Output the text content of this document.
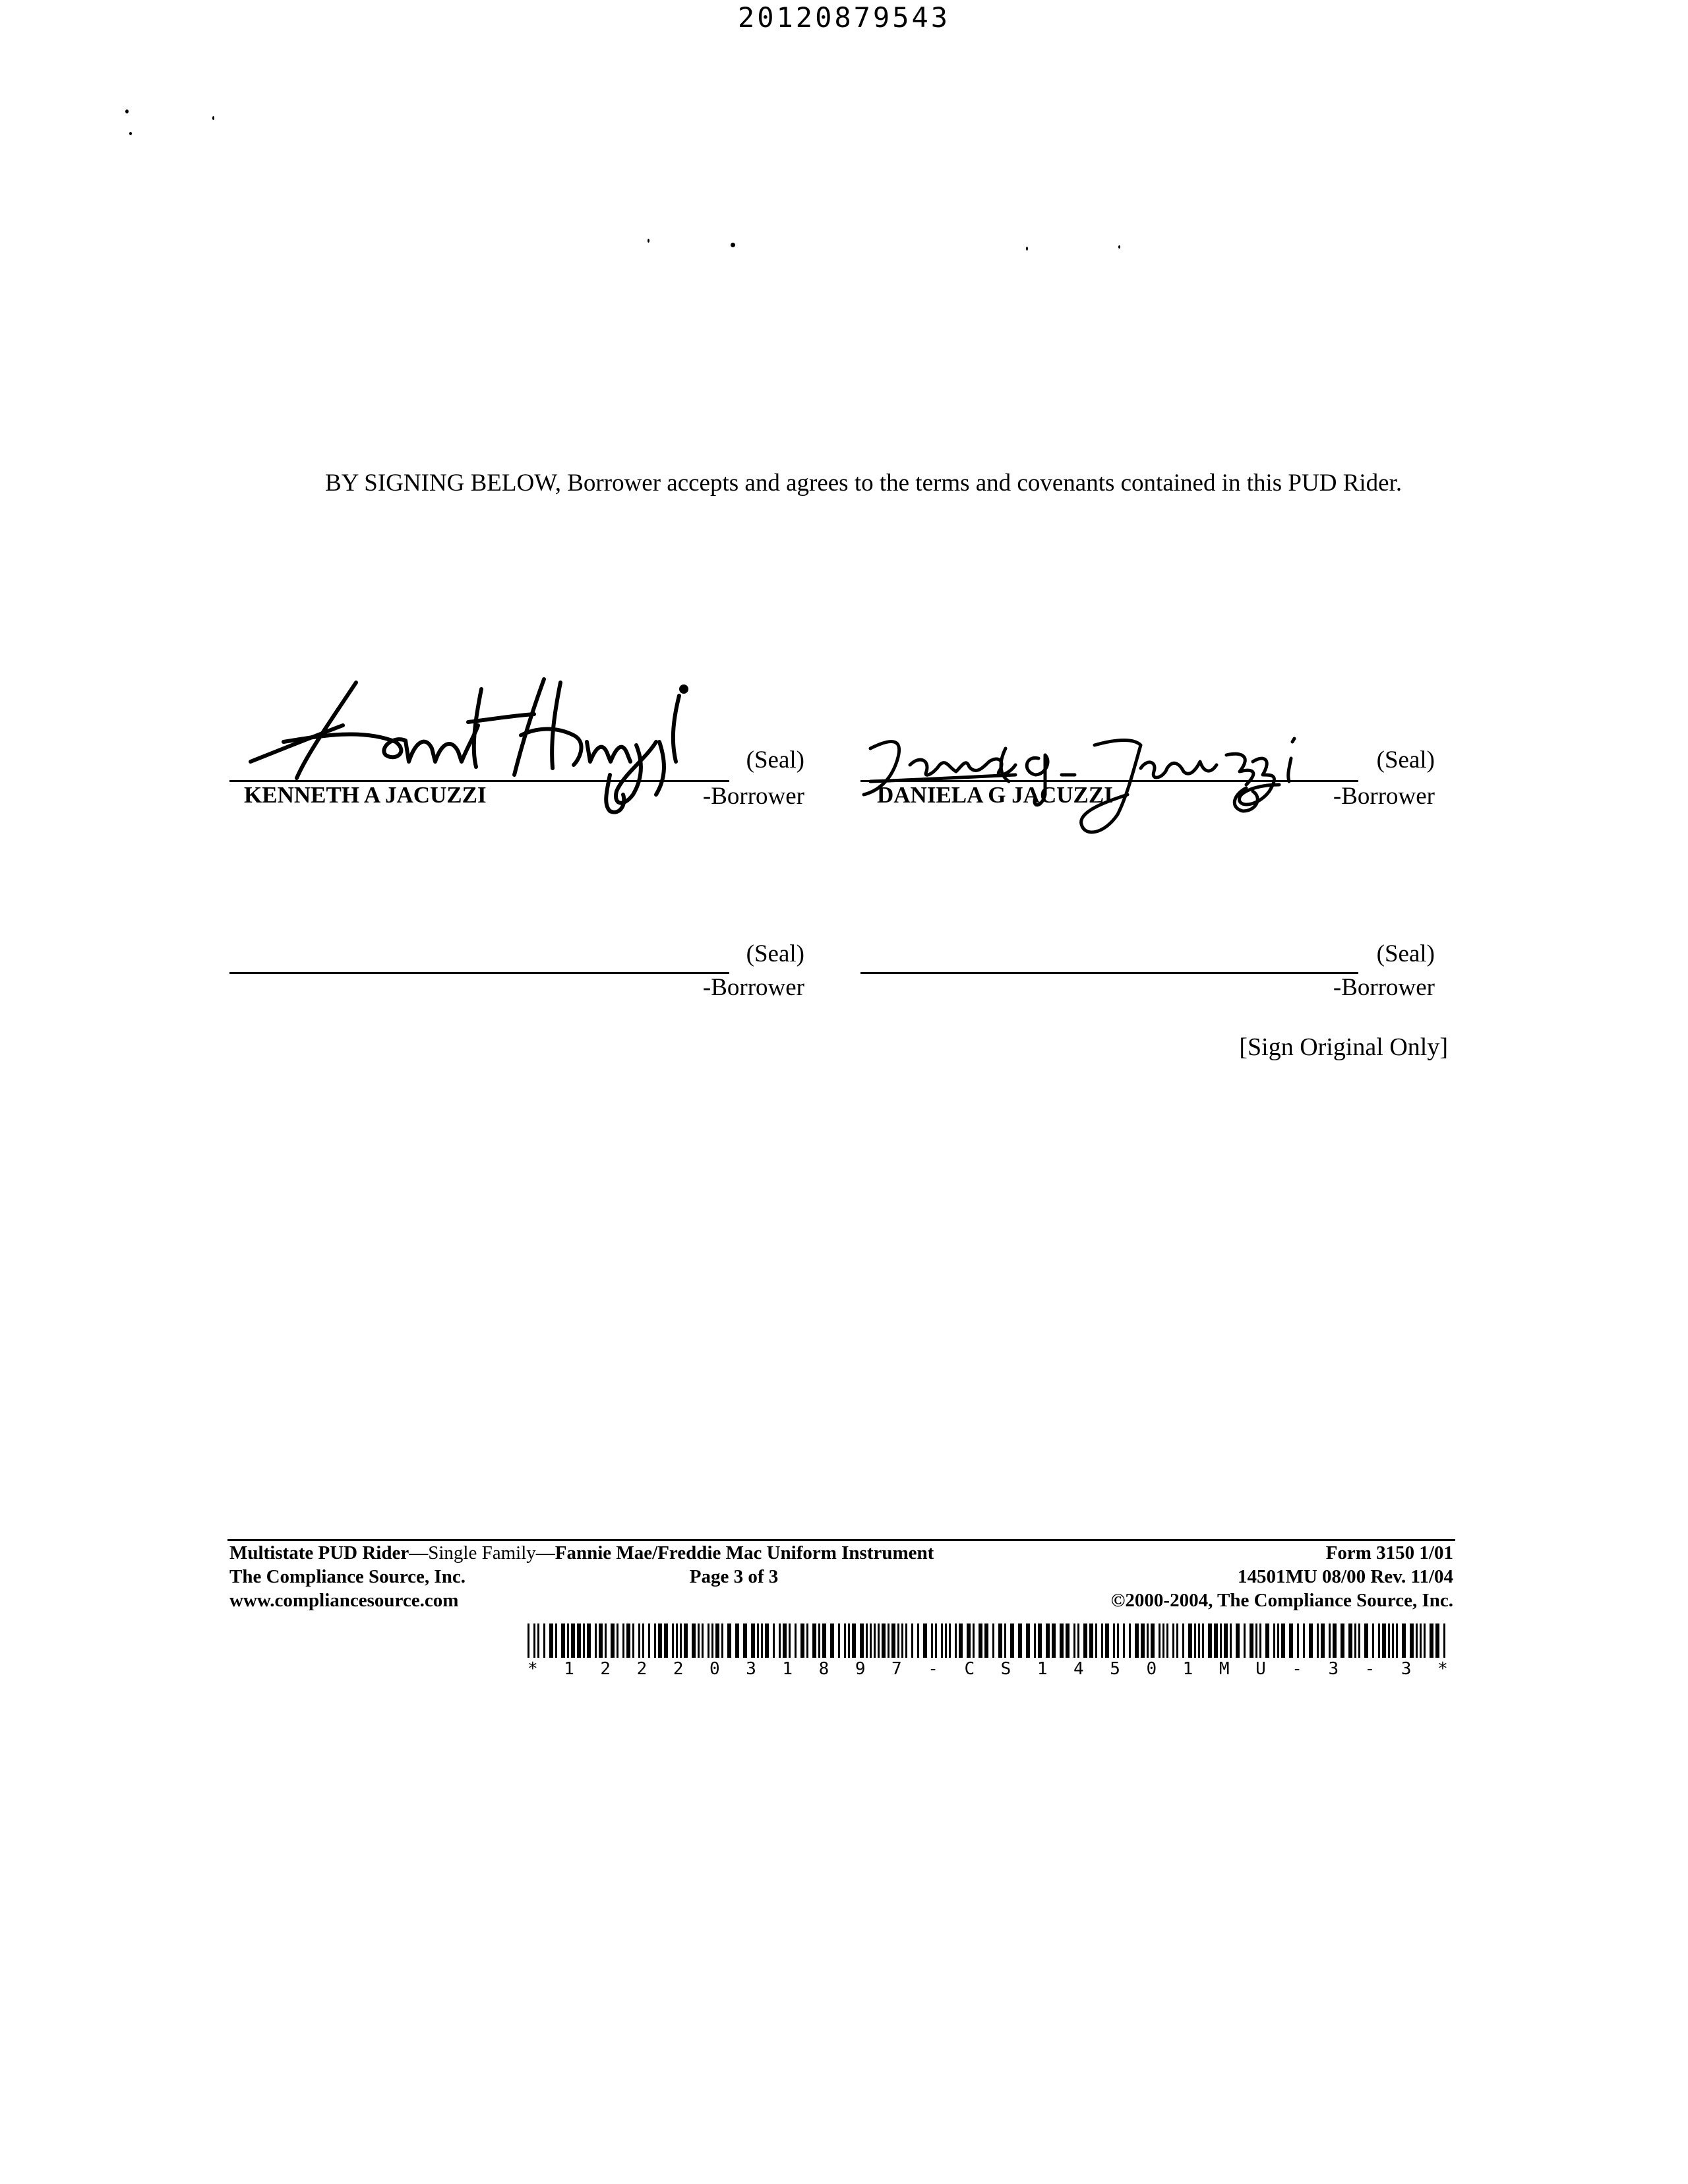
20120879543
BY SIGNING BELOW, Borrower accepts and agrees to the terms and covenants contained in this PUD Rider.
(Seal)
KENNETH A JACUZZI	-Borrower
(Seal)
DANIELA G JACUZZI	-Borrower
(Seal)
-Borrower
(Seal)
-Borrower
[Sign Original Only]
Multistate PUD Rider—Single Family—Fannie Mae/Freddie Mac Uniform Instrument	Form 3150 1/01
The Compliance Source, Inc.	Page 3 of 3	14501MU 08/00 Rev. 11/04
www.compliancesource.com	©2000-2004, The Compliance Source, Inc.
* 1 2 2 2 0 3 1 8 9 7 - C S 1 4 5 0 1 M U - 3 - 3 *
